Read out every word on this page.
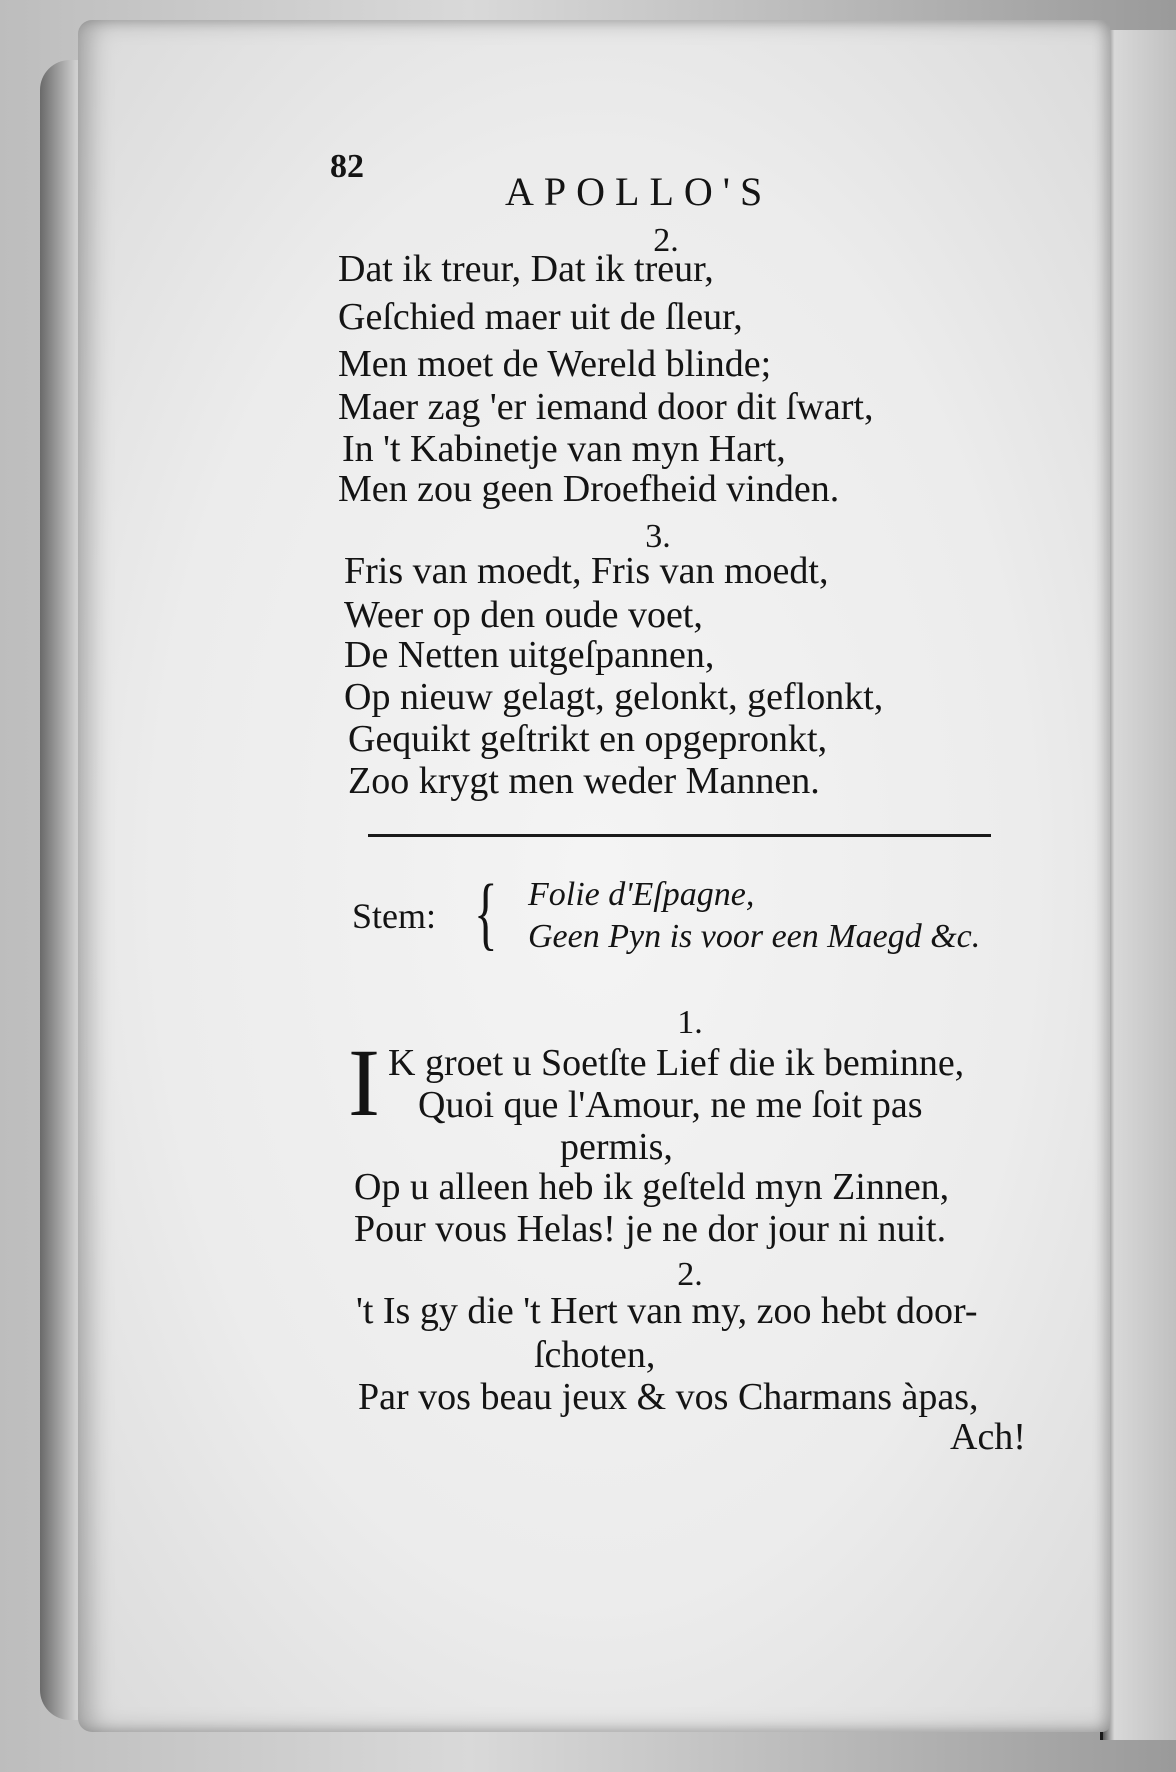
82
APOLLO'S
2.
Dat ik treur, Dat ik treur,
Geſchied maer uit de ſleur,
Men moet de Wereld blinde;
Maer zag 'er iemand door dit ſwart,
In 't Kabinetje van myn Hart,
Men zou geen Droefheid vinden.
3.
Fris van moedt, Fris van moedt,
Weer op den oude voet,
De Netten uitgeſpannen,
Op nieuw gelagt, gelonkt, geflonkt,
Gequikt geſtrikt en opgepronkt,
Zoo krygt men weder Mannen.
Stem: { Folie d'Eſpagne,
Geen Pyn is voor een Maegd &c.
1.
I K groet u Soetſte Lief die ik beminne,
Quoi que l'Amour, ne me ſoit pas
permis,
Op u alleen heb ik geſteld myn Zinnen,
Pour vous Helas! je ne dor jour ni nuit.
2.
't Is gy die 't Hert van my, zoo hebt door-
ſchoten,
Par vos beau jeux & vos Charmans àpas,
Ach!
